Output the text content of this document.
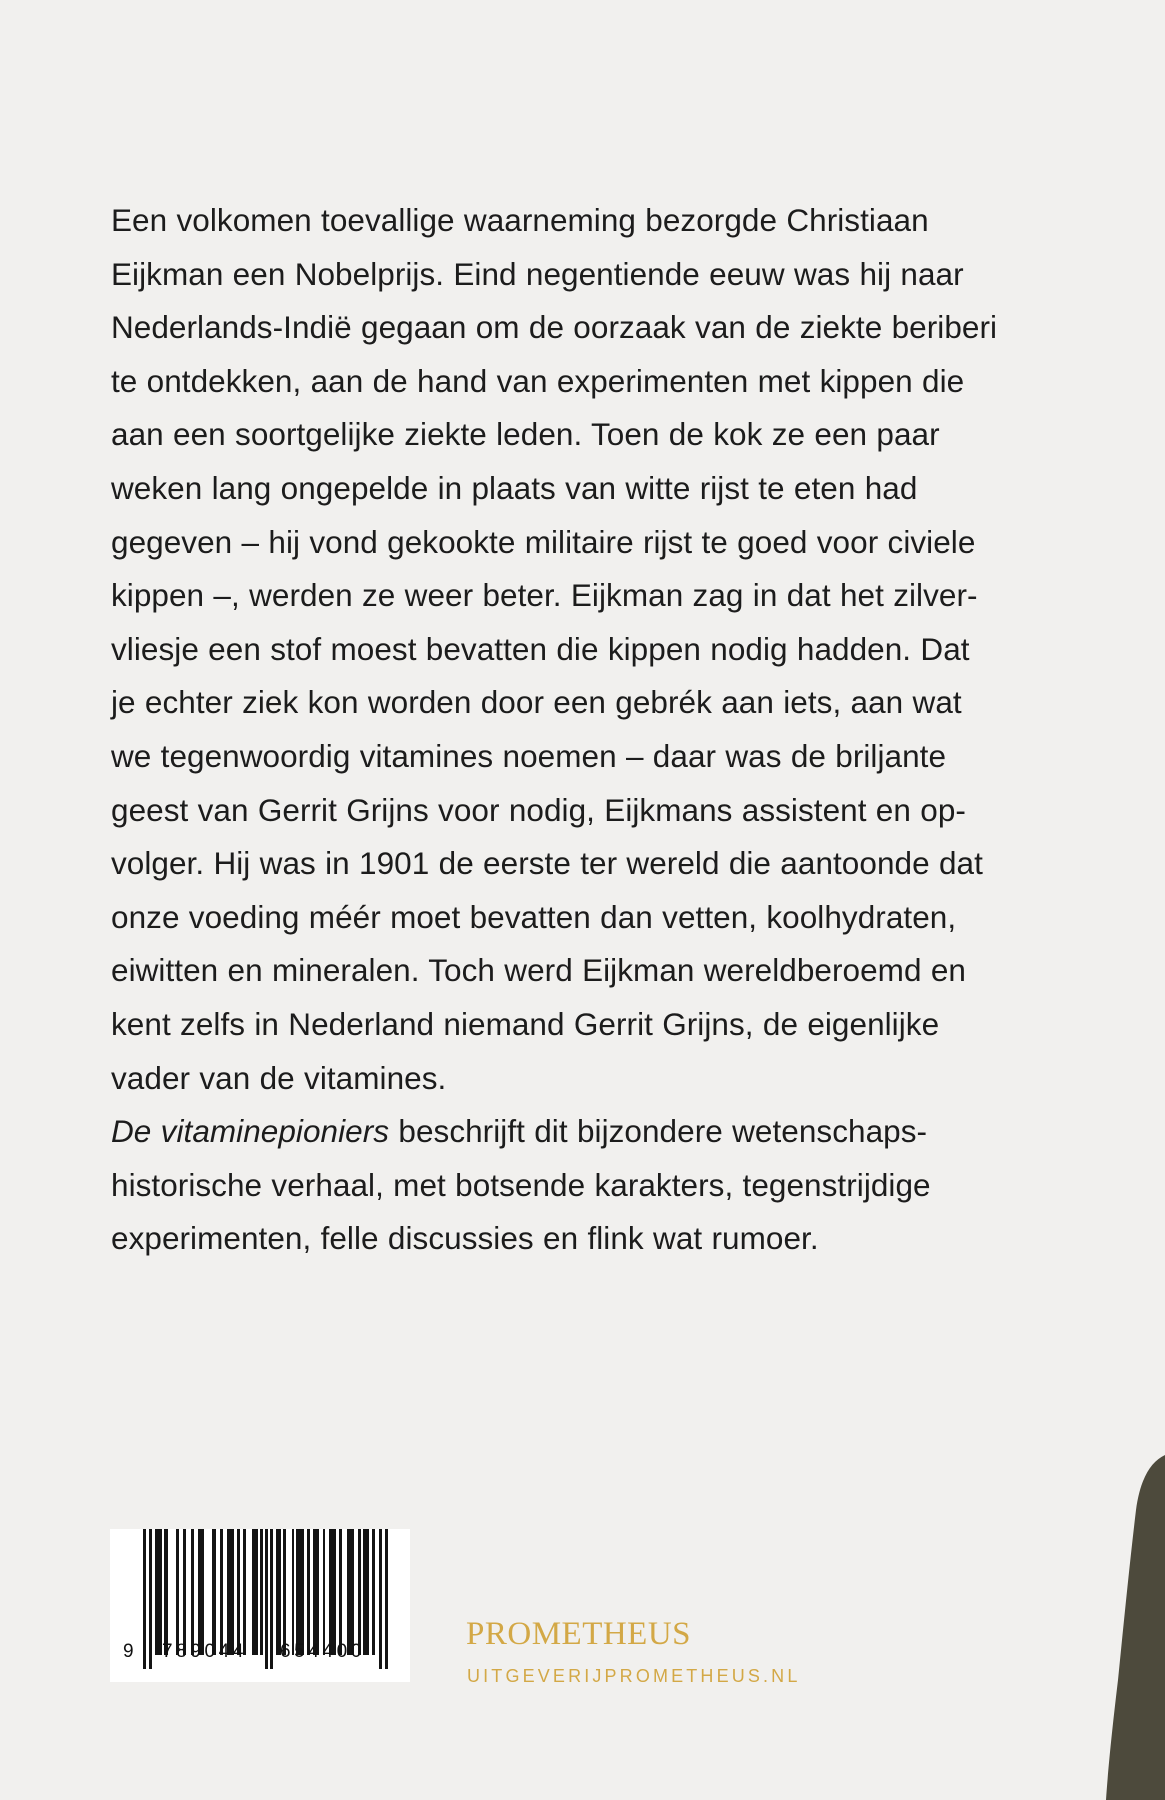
Een volkomen toevallige waarneming bezorgde Christiaan
Eijkman een Nobelprijs. Eind negentiende eeuw was hij naar
Nederlands-Indië gegaan om de oorzaak van de ziekte beriberi
te ontdekken, aan de hand van experimenten met kippen die
aan een soortgelijke ziekte leden. Toen de kok ze een paar
weken lang ongepelde in plaats van witte rijst te eten had
gegeven – hij vond gekookte militaire rijst te goed voor civiele
kippen –, werden ze weer beter. Eijkman zag in dat het zilver-
vliesje een stof moest bevatten die kippen nodig hadden. Dat
je echter ziek kon worden door een gebrék aan iets, aan wat
we tegenwoordig vitamines noemen – daar was de briljante
geest van Gerrit Grijns voor nodig, Eijkmans assistent en op-
volger. Hij was in 1901 de eerste ter wereld die aantoonde dat
onze voeding méér moet bevatten dan vetten, koolhydraten,
eiwitten en mineralen. Toch werd Eijkman wereldberoemd en
kent zelfs in Nederland niemand Gerrit Grijns, de eigenlijke
vader van de vitamines.
De vitaminepioniers beschrijft dit bijzondere wetenschaps-
historische verhaal, met botsende karakters, tegenstrijdige
experimenten, felle discussies en flink wat rumoer.
9 789044 654400	PROMETHEUS
UITGEVERIJPROMETHEUS.NL
